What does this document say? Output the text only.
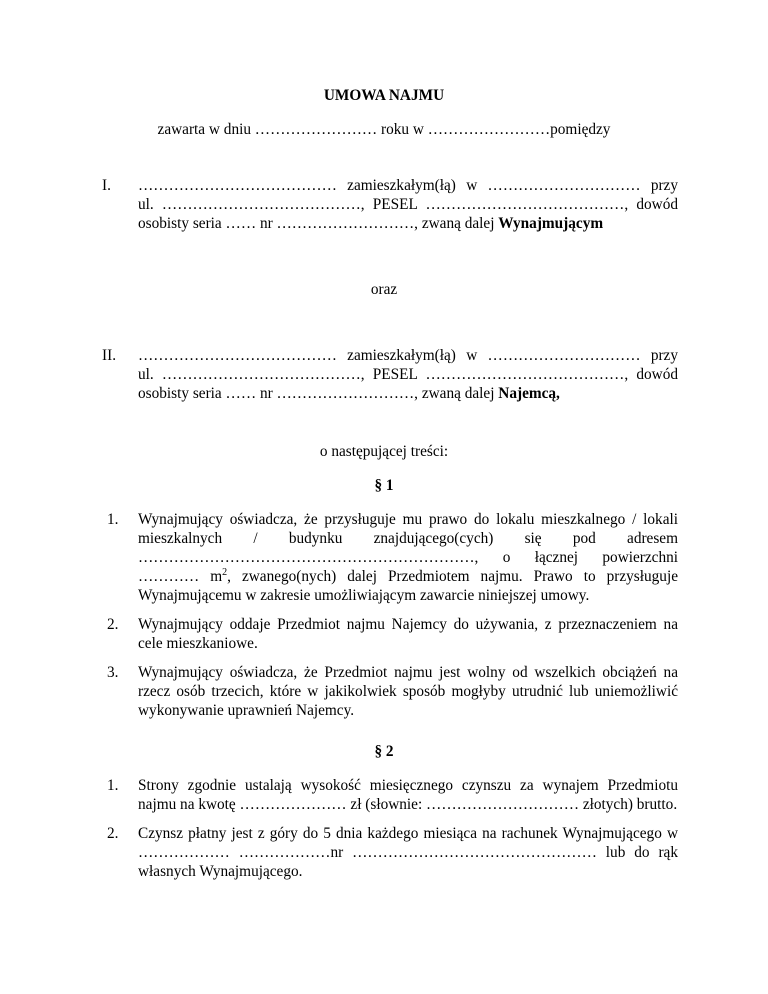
UMOWA NAJMU
zawarta w dniu …………………… roku w ……………………pomiędzy
I. ………………………………… zamieszkałym(łą) w ………………………… przy
ul. …………………………………, PESEL …………………………………, dowód
osobisty seria …… nr ………………………, zwaną dalej Wynajmującym
oraz
II. ………………………………… zamieszkałym(łą) w ………………………… przy
ul. …………………………………, PESEL …………………………………, dowód
osobisty seria …… nr ………………………, zwaną dalej Najemcą,
o następującej treści:
§ 1
1. Wynajmujący oświadcza, że przysługuje mu prawo do lokalu mieszkalnego / lokali
mieszkalnych / budynku znajdującego(cych) się pod adresem
…………………………………………………………, o łącznej powierzchni
………… $m^2$, zwanego(nych) dalej Przedmiotem najmu. Prawo to przysługuje
Wynajmującemu w zakresie umożliwiającym zawarcie niniejszej umowy.
2. Wynajmujący oddaje Przedmiot najmu Najemcy do używania, z przeznaczeniem na cele mieszkaniowe.
3. Wynajmujący oświadcza, że Przedmiot najmu jest wolny od wszelkich obciążeń na rzecz osób trzecich, które w jakikolwiek sposób mogłyby utrudnić lub uniemożliwić wykonywanie uprawnień Najemcy.
§ 2
1. Strony zgodnie ustalają wysokość miesięcznego czynszu za wynajem Przedmiotu najmu na kwotę ………………… zł (słownie: ………………………… złotych) brutto.
2. Czynsz płatny jest z góry do 5 dnia każdego miesiąca na rachunek Wynajmującego w ……………… ………………nr ………………………………………… lub do rąk własnych Wynajmującego.
